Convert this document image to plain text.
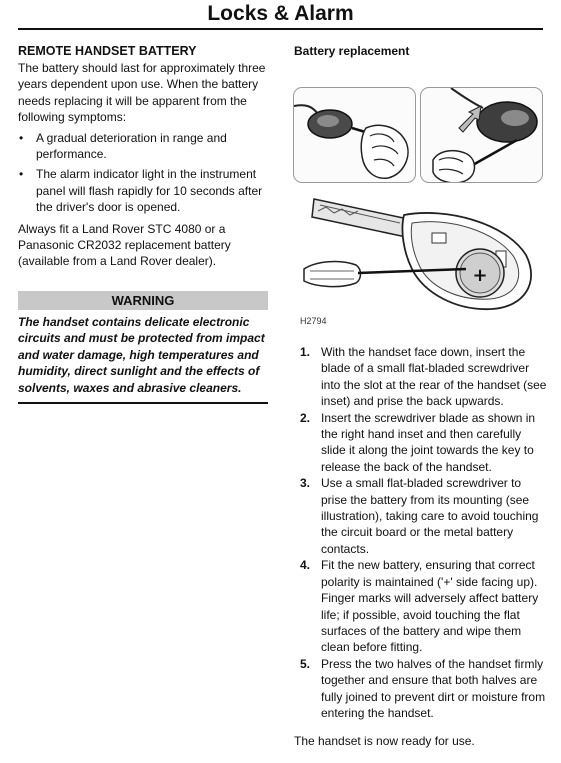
Locks & Alarm
REMOTE HANDSET BATTERY

The battery should last for approximately three years dependent upon use. When the battery needs replacing it will be apparent from the following symptoms:

• A gradual deterioration in range and performance.
• The alarm indicator light in the instrument panel will flash rapidly for 10 seconds after the driver's door is opened.

Always fit a Land Rover STC 4080 or a Panasonic CR2032 replacement battery (available from a Land Rover dealer).

WARNING
The handset contains delicate electronic circuits and must be protected from impact and water damage, high temperatures and humidity, direct sunlight and the effects of solvents, waxes and abrasive cleaners.
Battery replacement
+
H2794
1. With the handset face down, insert the blade of a small flat-bladed screwdriver into the slot at the rear of the handset (see inset) and prise the back upwards.
2. Insert the screwdriver blade as shown in the right hand inset and then carefully slide it along the joint towards the key to release the back of the handset.
3. Use a small flat-bladed screwdriver to prise the battery from its mounting (see illustration), taking care to avoid touching the circuit board or the metal battery contacts.
4. Fit the new battery, ensuring that correct polarity is maintained ('+' side facing up). Finger marks will adversely affect battery life; if possible, avoid touching the flat surfaces of the battery and wipe them clean before fitting.
5. Press the two halves of the handset firmly together and ensure that both halves are fully joined to prevent dirt or moisture from entering the handset.
The handset is now ready for use.
